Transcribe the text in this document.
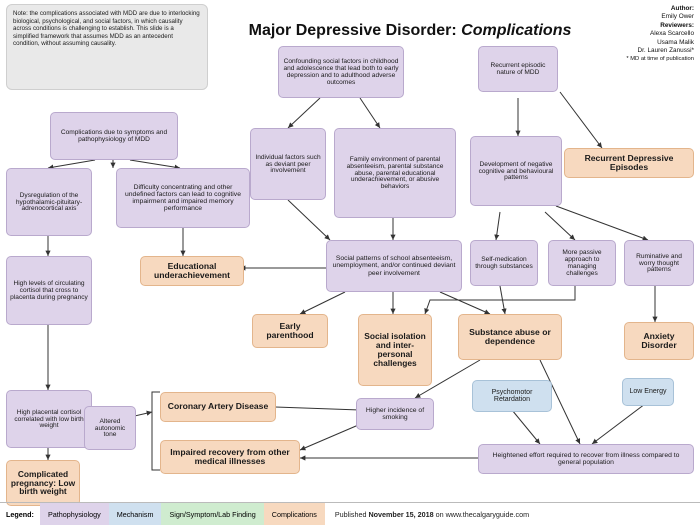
Note: the complications associated with MDD are due to interlocking biological, psychological, and social factors, in which causality across conditions is challenging to establish. This slide is a simplified framework that assumes MDD as an antecedent condition, without assuming causality.
Major Depressive Disorder: Complications
Author:
Emily Ower
Reviewers:
Alexa Scarcello
Usama Malik
Dr. Lauren Zanussi*
* MD at time of publication
Complications due to symptoms and pathophysiology of MDD
Confounding social factors in childhood and adolescence that lead both to early depression and to adulthood adverse outcomes
Recurrent episodic nature of MDD
Individual factors such as deviant peer involvement
Family environment of parental absenteeism, parental substance abuse, parental educational underachievement, or abusive behaviors
Development of negative cognitive and behavioural patterns
Recurrent Depressive Episodes
Dysregulation of the hypothalamic-pituitary-adrenocortical axis
Difficulty concentrating and other undefined factors can lead to cognitive impairment and impaired memory performance
High levels of circulating cortisol that cross to placenta during pregnancy
Social patterns of school absenteeism, unemployment, and/or continued deviant peer involvement
Self-medication through substances
More passive approach to managing challenges
Ruminative and worry thought patterns
Educational underachievement
Early parenthood	Social isolation and inter-personal challenges
Substance abuse or dependence
Anxiety Disorder
High placental cortisol correlated with low birth weight
Altered autonomic tone
Complicated pregnancy: Low birth weight
Coronary Artery Disease
Impaired recovery from other medical illnesses
Higher incidence of smoking
Psychomotor Retardation
Low Energy
Heightened effort required to recover from illness compared to general population
Legend:	Pathophysiology	Mechanism	Sign/Symptom/Lab Finding	Complications	Published November 15, 2018 on www.thecalgaryguide.com
